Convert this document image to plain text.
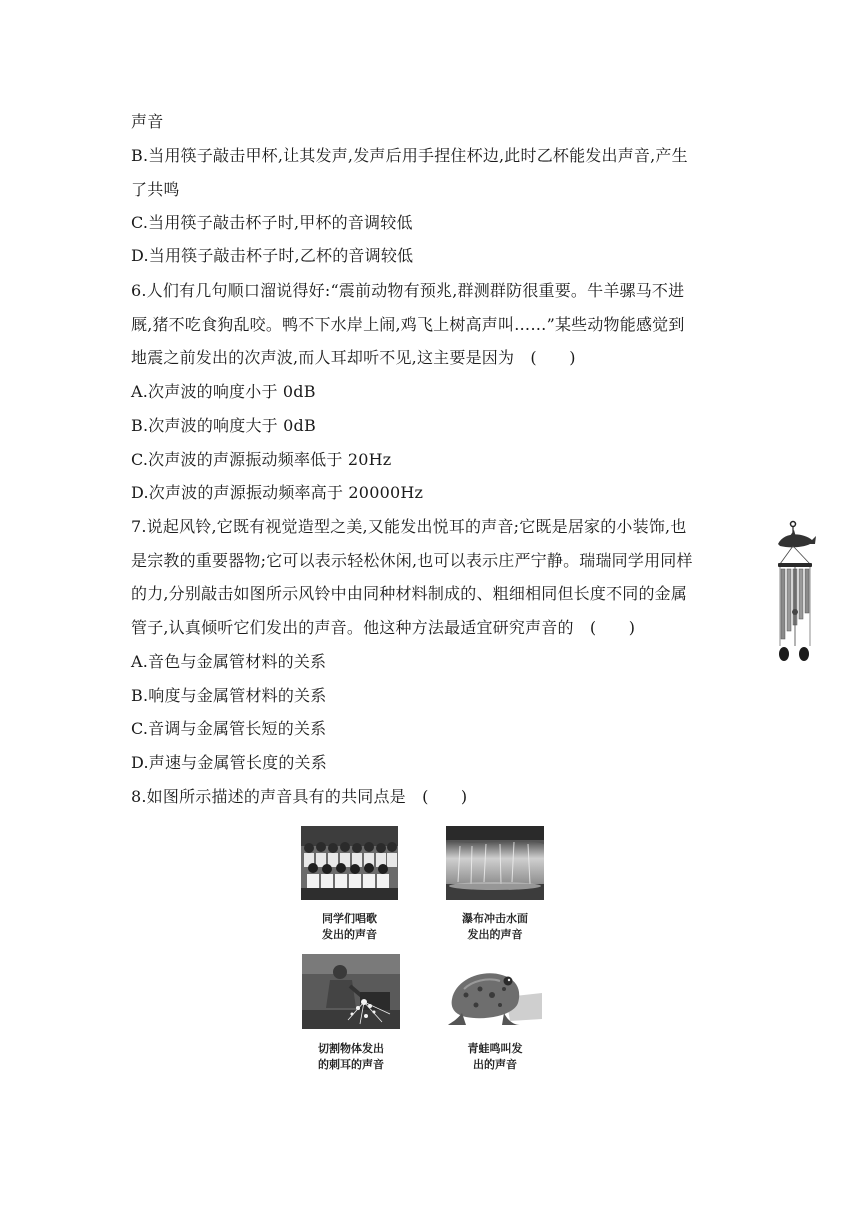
声音
B.当用筷子敲击甲杯,让其发声,发声后用手捏住杯边,此时乙杯能发出声音,产生
了共鸣
C.当用筷子敲击杯子时,甲杯的音调较低
D.当用筷子敲击杯子时,乙杯的音调较低
6.人们有几句顺口溜说得好:“震前动物有预兆,群测群防很重要。牛羊骡马不进
厩,猪不吃食狗乱咬。鸭不下水岸上闹,鸡飞上树高声叫……”某些动物能感觉到
地震之前发出的次声波,而人耳却听不见,这主要是因为　(　　)
A.次声波的响度小于 0dB
B.次声波的响度大于 0dB
C.次声波的声源振动频率低于 20Hz
D.次声波的声源振动频率高于 20000Hz
7.说起风铃,它既有视觉造型之美,又能发出悦耳的声音;它既是居家的小装饰,也
是宗教的重要器物;它可以表示轻松休闲,也可以表示庄严宁静。瑞瑞同学用同样
的力,分别敲击如图所示风铃中由同种材料制成的、粗细相同但长度不同的金属
管子,认真倾听它们发出的声音。他这种方法最适宜研究声音的　(　　)
A.音色与金属管材料的关系
B.响度与金属管材料的关系
C.音调与金属管长短的关系
D.声速与金属管长度的关系
8.如图所示描述的声音具有的共同点是　(　　)
同学们唱歌
发出的声音
瀑布冲击水面
发出的声音
切割物体发出
的刺耳的声音
青蛙鸣叫发
出的声音
